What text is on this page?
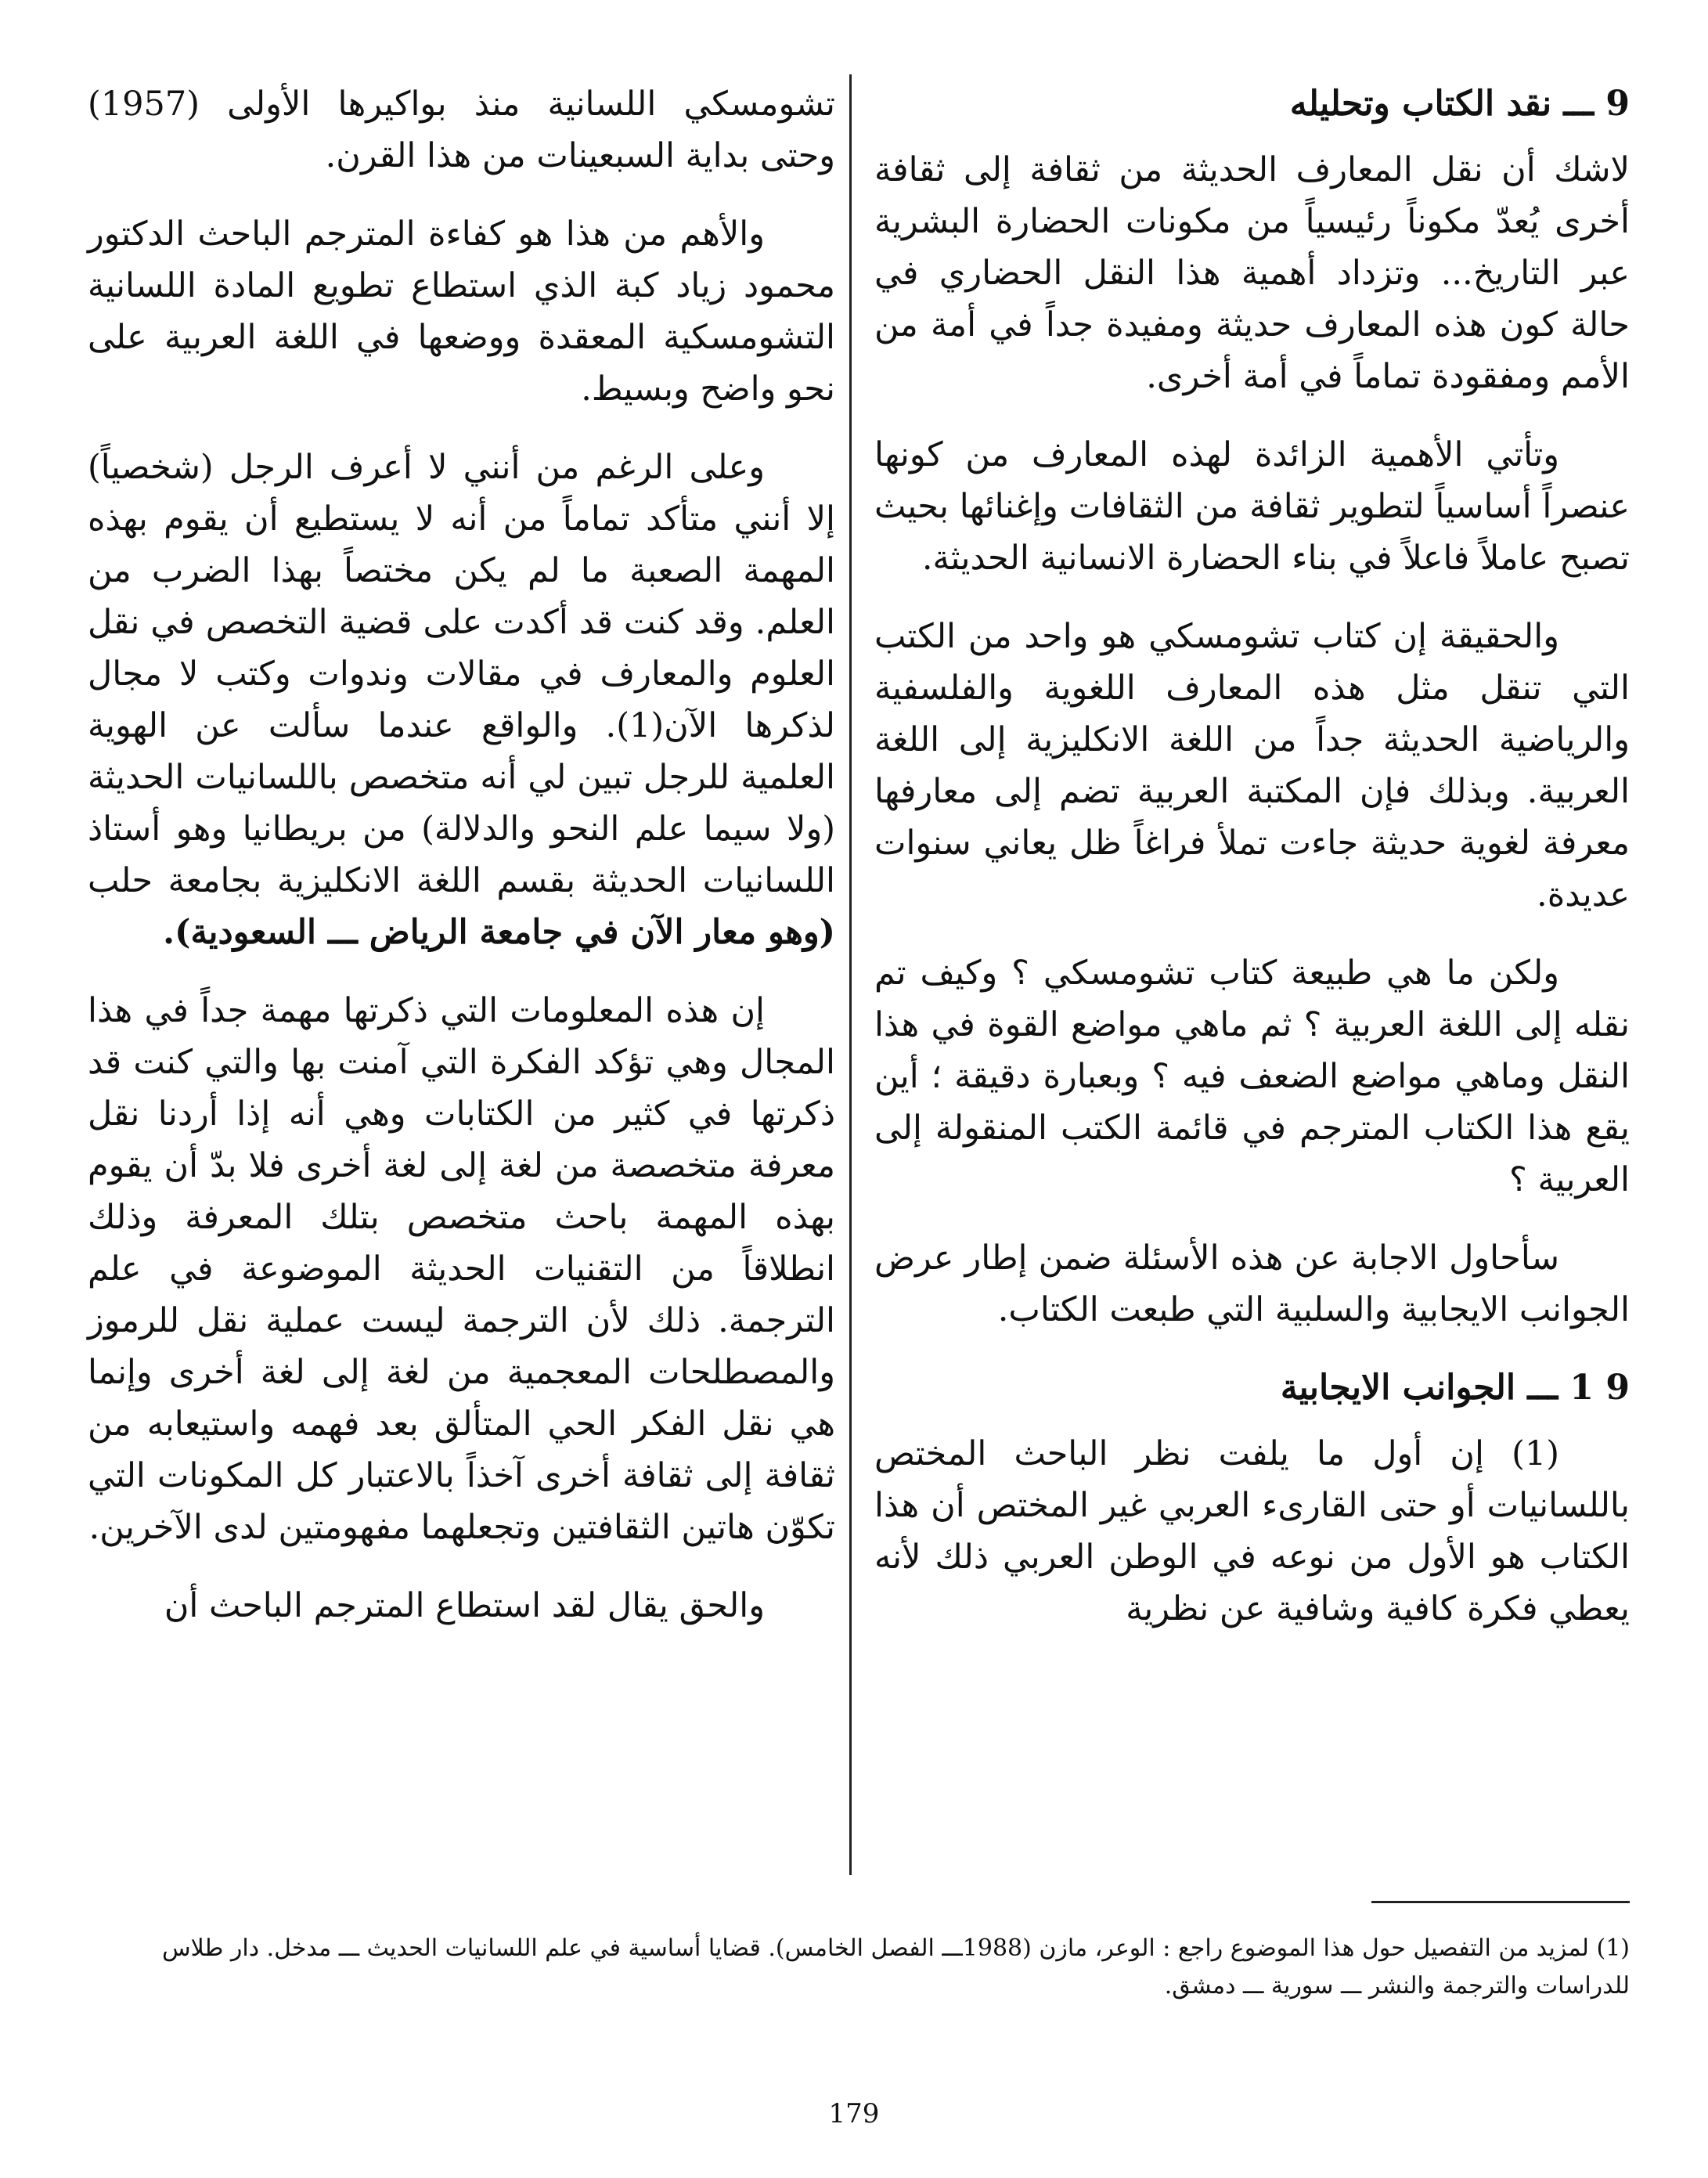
9 ـــ نقد الكتاب وتحليله

لاشك أن نقل المعارف الحديثة من ثقافة إلى ثقافة أخرى يُعدّ مكوناً رئيسياً من مكونات الحضارة البشرية عبر التاريخ... وتزداد أهمية هذا النقل الحضاري في حالة كون هذه المعارف حديثة ومفيدة جداً في أمة من الأمم ومفقودة تماماً في أمة أخرى.

وتأتي الأهمية الزائدة لهذه المعارف من كونها عنصراً أساسياً لتطوير ثقافة من الثقافات وإغنائها بحيث تصبح عاملاً فاعلاً في بناء الحضارة الانسانية الحديثة.

والحقيقة إن كتاب تشومسكي هو واحد من الكتب التي تنقل مثل هذه المعارف اللغوية والفلسفية والرياضية الحديثة جداً من اللغة الانكليزية إلى اللغة العربية. وبذلك فإن المكتبة العربية تضم إلى معارفها معرفة لغوية حديثة جاءت تملأ فراغاً ظل يعاني سنوات عديدة.

ولكن ما هي طبيعة كتاب تشومسكي ؟ وكيف تم نقله إلى اللغة العربية ؟ ثم ماهي مواضع القوة في هذا النقل وماهي مواضع الضعف فيه ؟ وبعبارة دقيقة ؛ أين يقع هذا الكتاب المترجم في قائمة الكتب المنقولة إلى العربية ؟

سأحاول الاجابة عن هذه الأسئلة ضمن إطار عرض الجوانب الايجابية والسلبية التي طبعت الكتاب.

9 1 ـــ الجوانب الايجابية

(1) إن أول ما يلفت نظر الباحث المختص باللسانيات أو حتى القارىء العربي غير المختص أن هذا الكتاب هو الأول من نوعه في الوطن العربي ذلك لأنه يعطي فكرة كافية وشافية عن نظرية

تشومسكي اللسانية منذ بواكيرها الأولى (1957) وحتى بداية السبعينات من هذا القرن.

والأهم من هذا هو كفاءة المترجم الباحث الدكتور محمود زياد كبة الذي استطاع تطويع المادة اللسانية التشومسكية المعقدة ووضعها في اللغة العربية على نحو واضح وبسيط.

وعلى الرغم من أنني لا أعرف الرجل (شخصياً) إلا أنني متأكد تماماً من أنه لا يستطيع أن يقوم بهذه المهمة الصعبة ما لم يكن مختصاً بهذا الضرب من العلم. وقد كنت قد أكدت على قضية التخصص في نقل العلوم والمعارف في مقالات وندوات وكتب لا مجال لذكرها الآن(1). والواقع عندما سألت عن الهوية العلمية للرجل تبين لي أنه متخصص باللسانيات الحديثة (ولا سيما علم النحو والدلالة) من بريطانيا وهو أستاذ اللسانيات الحديثة بقسم اللغة الانكليزية بجامعة حلب (وهو معار الآن في جامعة الرياض ـــ السعودية).

إن هذه المعلومات التي ذكرتها مهمة جداً في هذا المجال وهي تؤكد الفكرة التي آمنت بها والتي كنت قد ذكرتها في كثير من الكتابات وهي أنه إذا أردنا نقل معرفة متخصصة من لغة إلى لغة أخرى فلا بدّ أن يقوم بهذه المهمة باحث متخصص بتلك المعرفة وذلك انطلاقاً من التقنيات الحديثة الموضوعة في علم الترجمة. ذلك لأن الترجمة ليست عملية نقل للرموز والمصطلحات المعجمية من لغة إلى لغة أخرى وإنما هي نقل الفكر الحي المتألق بعد فهمه واستيعابه من ثقافة إلى ثقافة أخرى آخذاً بالاعتبار كل المكونات التي تكوّن هاتين الثقافتين وتجعلهما مفهومتين لدى الآخرين.

والحق يقال لقد استطاع المترجم الباحث أن

(1) لمزيد من التفصيل حول هذا الموضوع راجع : الوعر، مازن (1988ـــ الفصل الخامس). قضايا أساسية في علم اللسانيات الحديث ـــ مدخل. دار طلاس للدراسات والترجمة والنشر ـــ سورية ـــ دمشق.
179
